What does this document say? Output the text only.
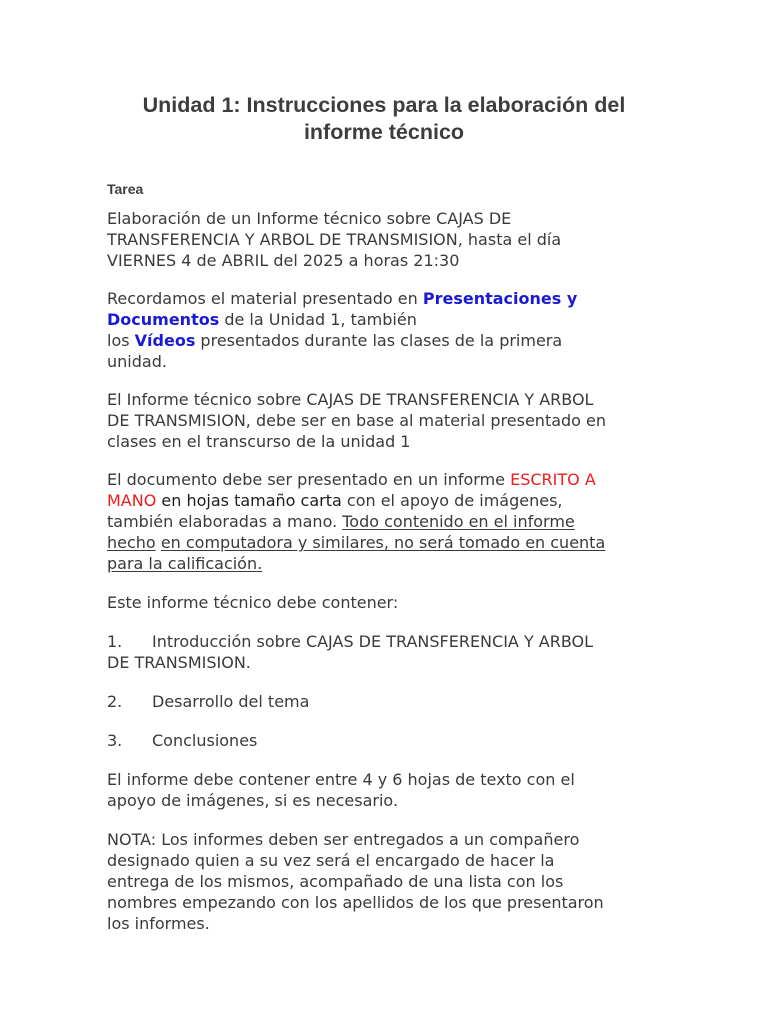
Unidad 1: Instrucciones para la elaboración del
informe técnico
Tarea

Elaboración de un Informe técnico sobre CAJAS DE
TRANSFERENCIA Y ARBOL DE TRANSMISION, hasta el día
VIERNES 4 de ABRIL del 2025 a horas 21:30

Recordamos el material presentado en Presentaciones y
Documentos de la Unidad 1, también
los Vídeos presentados durante las clases de la primera
unidad.

El Informe técnico sobre CAJAS DE TRANSFERENCIA Y ARBOL
DE TRANSMISION, debe ser en base al material presentado en
clases en el transcurso de la unidad 1

El documento debe ser presentado en un informe ESCRITO A
MANO en hojas tamaño carta con el apoyo de imágenes,
también elaboradas a mano. Todo contenido en el informe
hecho en computadora y similares, no será tomado en cuenta
para la calificación.

Este informe técnico debe contener:

1. Introducción sobre CAJAS DE TRANSFERENCIA Y ARBOL
DE TRANSMISION.

2. Desarrollo del tema

3. Conclusiones

El informe debe contener entre 4 y 6 hojas de texto con el
apoyo de imágenes, si es necesario.

NOTA: Los informes deben ser entregados a un compañero
designado quien a su vez será el encargado de hacer la
entrega de los mismos, acompañado de una lista con los
nombres empezando con los apellidos de los que presentaron
los informes.
